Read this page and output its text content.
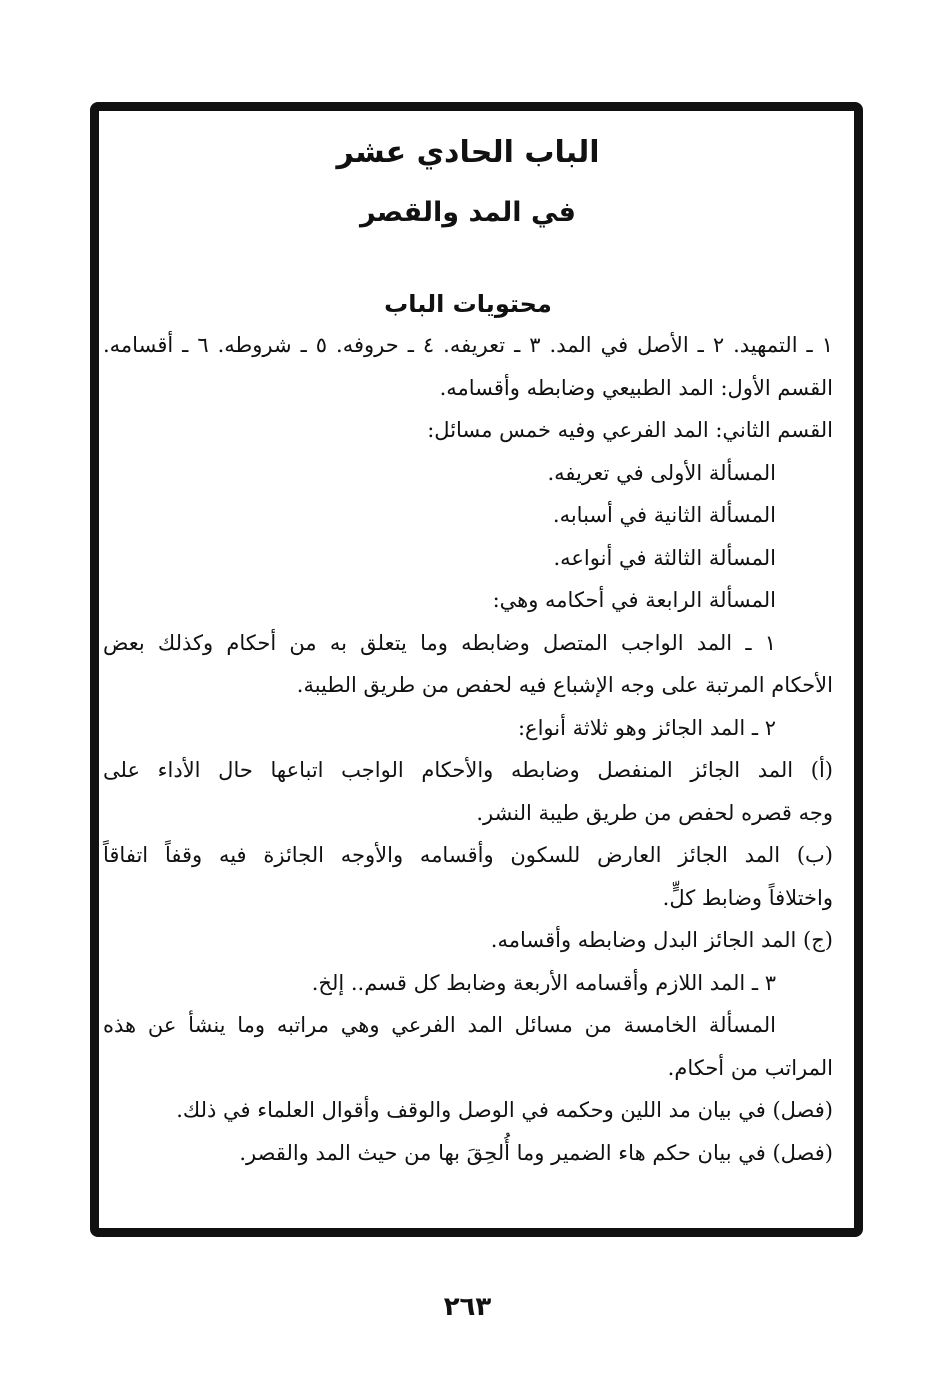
الباب الحادي عشر
في المد والقصر
محتويات الباب

١ ـ التمهيد. ٢ ـ الأصل في المد. ٣ ـ تعريفه. ٤ ـ حروفه. ٥ ـ شروطه. ٦ ـ أقسامه.

القسم الأول: المد الطبيعي وضابطه وأقسامه.

القسم الثاني: المد الفرعي وفيه خمس مسائل:

المسألة الأولى في تعريفه.

المسألة الثانية في أسبابه.

المسألة الثالثة في أنواعه.

المسألة الرابعة في أحكامه وهي:

١ ـ المد الواجب المتصل وضابطه وما يتعلق به من أحكام وكذلك بعض

الأحكام المرتبة على وجه الإشباع فيه لحفص من طريق الطيبة.

٢ ـ المد الجائز وهو ثلاثة أنواع:

(أ) المد الجائز المنفصل وضابطه والأحكام الواجب اتباعها حال الأداء على

وجه قصره لحفص من طريق طيبة النشر.

(ب) المد الجائز العارض للسكون وأقسامه والأوجه الجائزة فيه وقفاً اتفاقاً

واختلافاً وضابط كلٍّ.

(ج) المد الجائز البدل وضابطه وأقسامه.

٣ ـ المد اللازم وأقسامه الأربعة وضابط كل قسم.. إلخ.

المسألة الخامسة من مسائل المد الفرعي وهي مراتبه وما ينشأ عن هذه

المراتب من أحكام.

(فصل) في بيان مد اللين وحكمه في الوصل والوقف وأقوال العلماء في ذلك.

(فصل) في بيان حكم هاء الضمير وما أُلحِقَ بها من حيث المد والقصر.

٢٦٣
